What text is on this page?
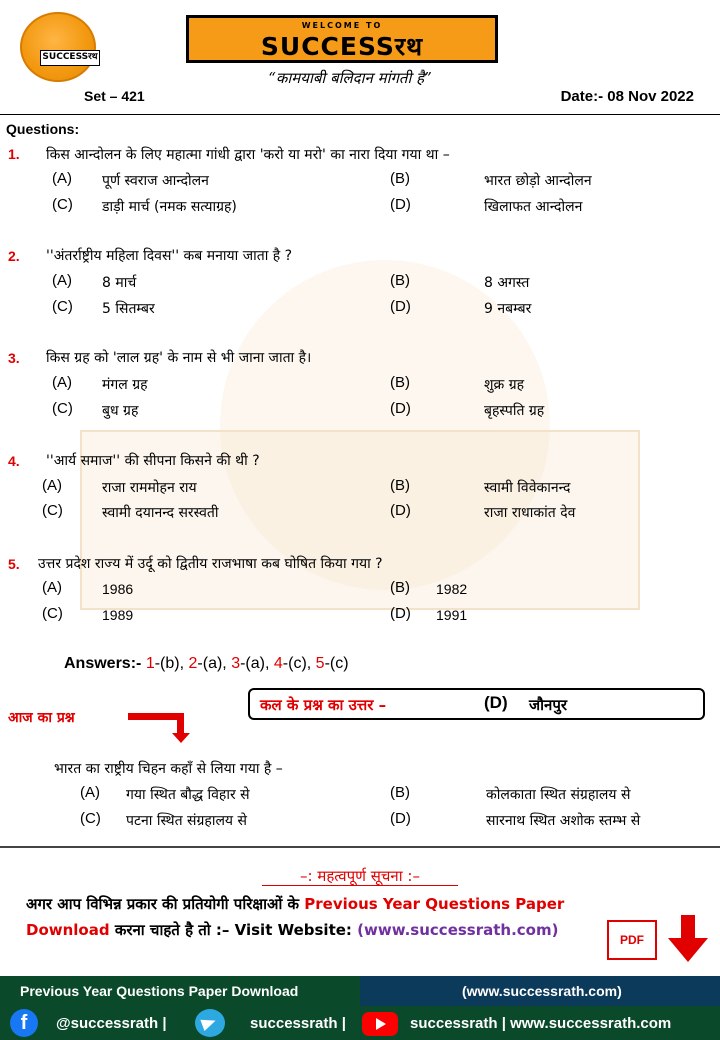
SUCCESSरथ
WELCOME TO
SUCCESSरथ
“कामयाबी बलिदान मांगती है”
Set – 421	Date:- 08 Nov 2022
Questions:
1. किस आन्दोलन के लिए महात्मा गांधी द्वारा 'करो या मरो' का नारा दिया गया था –
(A) पूर्ण स्वराज आन्दोलन	(B)	भारत छोड़ो आन्दोलन
(C) डाड़ी मार्च (नमक सत्याग्रह)	(D)	खिलाफत आन्दोलन
2. ''अंतर्राष्ट्रीय महिला दिवस'' कब मनाया जाता है ?
(A) 8 मार्च	(B)	8 अगस्त
(C) 5 सितम्बर	(D)	9 नबम्बर
3. किस ग्रह को 'लाल ग्रह' के नाम से भी जाना जाता है।
(A) मंगल ग्रह	(B)	शुक्र ग्रह
(C) बुध ग्रह	(D)	बृहस्पति ग्रह
4. ''आर्य समाज'' की सीपना किसने की थी ?
(A)	राजा राममोहन राय	(B)	स्वामी विवेकानन्द
(C)	स्वामी दयानन्द सरस्वती	(D)	राजा राधाकांत देव
5. उत्तर प्रदेश राज्य में उर्दू को द्वितीय राजभाषा कब घोषित किया गया ?
(A)	1986	(B) 1982
(C)	1989	(D) 1991
Answers:- 1-(b), 2-(a), 3-(a), 4-(c), 5-(c)
आज का प्रश्न
कल के प्रश्न का उत्तर –	(D) जौनपुर
भारत का राष्ट्रीय चिहन कहाँ से लिया गया है –
(A) गया स्थित बौद्ध विहार से	(B)	कोलकाता स्थित संग्रहालय से
(C) पटना स्थित संग्रहालय से	(D)	सारनाथ स्थित अशोक स्तम्भ से
–: महत्वपूर्ण सूचना :–
अगर आप विभिन्न प्रकार की प्रतियोगी परिक्षाओं के Previous Year Questions Paper
Download करना चाहते है तो :– Visit Website: (www.successrath.com)
PDF
Previous Year Questions Paper Download	(www.successrath.com)
f	@successrath |	successrath |	successrath | www.successrath.com
